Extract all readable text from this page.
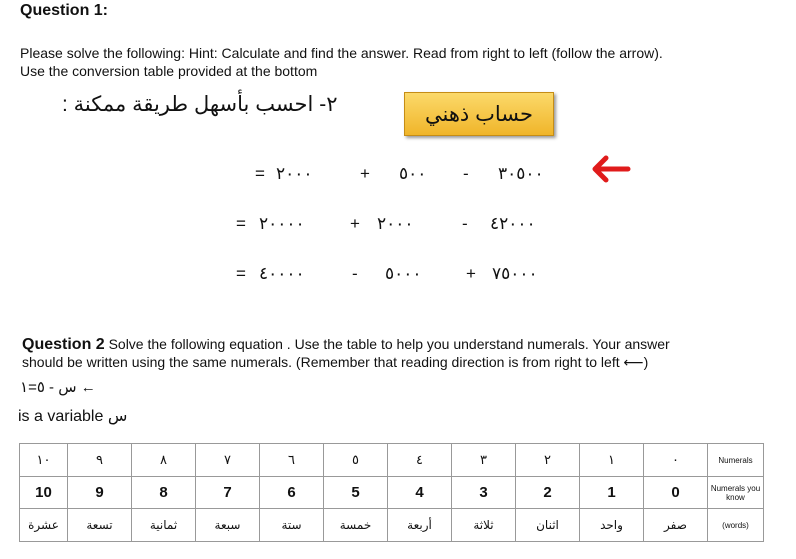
Question 1:
Please solve the following: Hint: Calculate and find the answer. Read from right to left (follow the arrow).
Use the conversion table provided at the bottom
٢- احسب بأسهل طريقة ممكنة :	حساب ذهني
= ٢٠٠٠	+ ٥٠٠ - ٣٠٥٠٠
= ٢٠٠٠٠	+ ٢٠٠٠	- ٤٢٠٠٠
= ٤٠٠٠٠	- ٥٠٠٠	+ ٧٥٠٠٠
Question 2 Solve the following equation . Use the table to help you understand numerals. Your answer
should be written using the same numerals. (Remember that reading direction is from right to left ⟵)
← س - ٥=١
is a variable س
١٠	٩	٨	٧	٦	٥	٤	٣	٢	١	٠	Numerals
10	9	8	7	6	5	4	3	2	1	0	Numerals you know
عشرة	تسعة	ثمانية	سبعة	ستة	خمسة	أربعة	ثلاثة	اثنان	واحد	صفر	(words)
